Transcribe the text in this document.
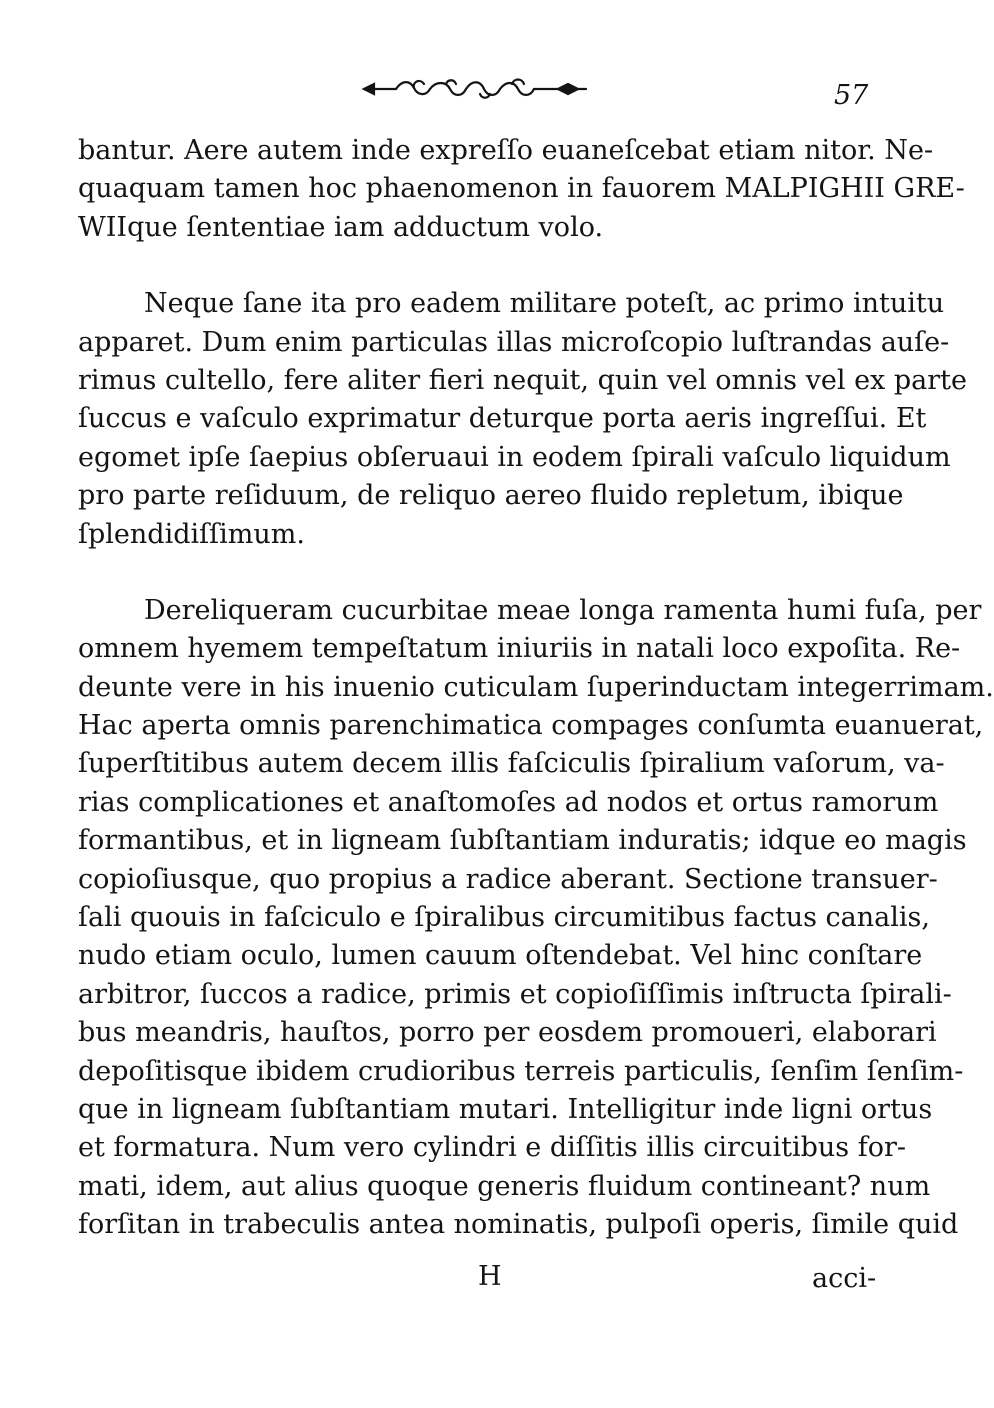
57

bantur. Aere autem inde expreſſo euaneſcebat etiam nitor. Ne-
quaquam tamen hoc phaenomenon in fauorem MALPIGHII GRE-
WIIque ſententiae iam adductum volo.

Neque ſane ita pro eadem militare poteſt, ac primo intuitu
apparet. Dum enim particulas illas microſcopio luſtrandas auſe-
rimus cultello, fere aliter fieri nequit, quin vel omnis vel ex parte
ſuccus e vaſculo exprimatur deturque porta aeris ingreſſui. Et
egomet ipſe ſaepius obſeruaui in eodem ſpirali vaſculo liquidum
pro parte reſiduum, de reliquo aereo fluido repletum, ibique
ſplendidiſſimum.

Dereliqueram cucurbitae meae longa ramenta humi fuſa, per
omnem hyemem tempeſtatum iniuriis in natali loco expoſita. Re-
deunte vere in his inuenio cuticulam ſuperinductam integerrimam.
Hac aperta omnis parenchimatica compages conſumta euanuerat,
ſuperſtitibus autem decem illis faſciculis ſpiralium vaſorum, va-
rias complicationes et anaſtomoſes ad nodos et ortus ramorum
formantibus, et in ligneam ſubſtantiam induratis; idque eo magis
copioſiusque, quo propius a radice aberant. Sectione transuer-
ſali quouis in faſciculo e ſpiralibus circumitibus factus canalis,
nudo etiam oculo, lumen cauum oſtendebat. Vel hinc conſtare
arbitror, ſuccos a radice, primis et copioſiſſimis inſtructa ſpirali-
bus meandris, hauſtos, porro per eosdem promoueri, elaborari
depoſitisque ibidem crudioribus terreis particulis, ſenſim ſenſim-
que in ligneam ſubſtantiam mutari. Intelligitur inde ligni ortus
et formatura. Num vero cylindri e diſſitis illis circuitibus for-
mati, idem, aut alius quoque generis fluidum contineant? num
forſitan in trabeculis antea nominatis, pulpoſi operis, ſimile quid

H	acci-
